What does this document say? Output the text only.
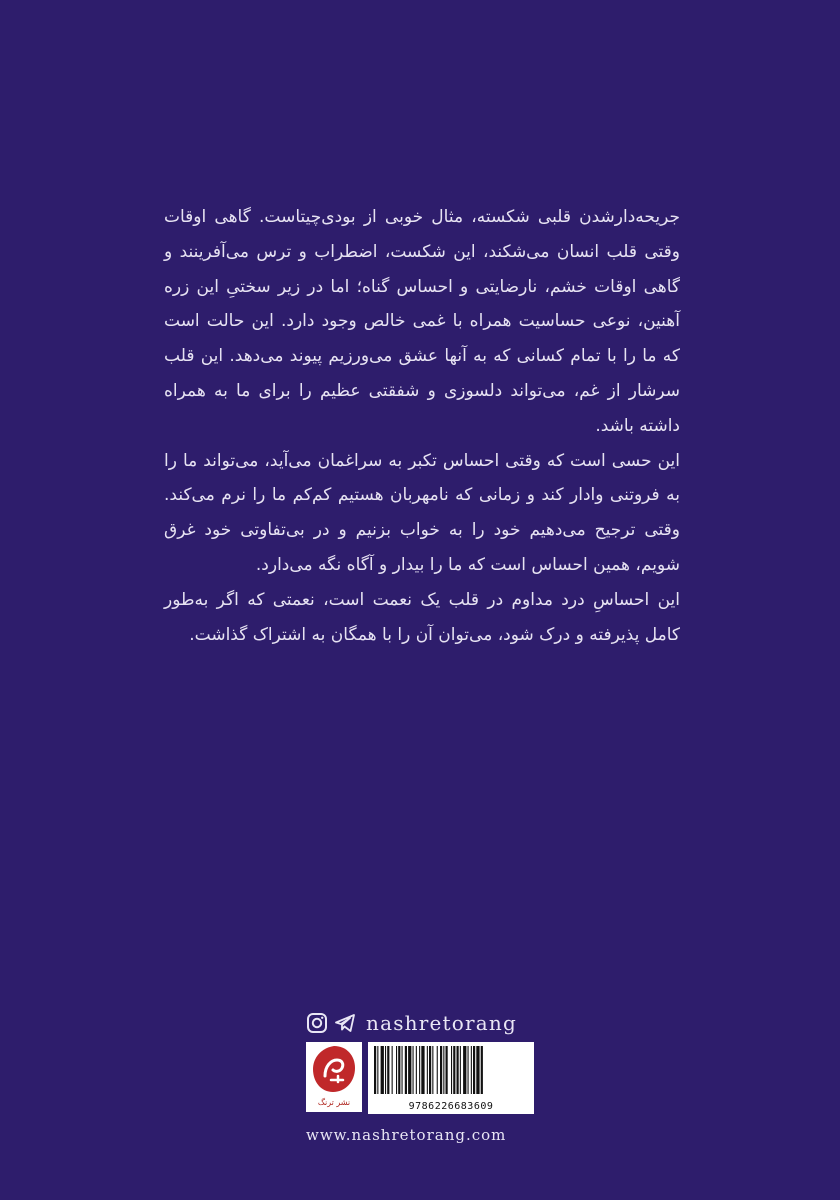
جریحه‌دارشدن قلبی شکسته، مثال خوبی از بودی‌چیتاست. گاهی اوقات وقتی قلب انسان می‌شکند، این شکست، اضطراب و ترس می‌آفرینند و گاهی اوقات خشم، نارضایتی و احساس گناه؛ اما در زیر سختیِ این زره آهنین، نوعی حساسیت همراه با غمی خالص وجود دارد. این حالت است که ما را با تمام کسانی که به آنها عشق می‌ورزیم پیوند می‌دهد. این قلب سرشار از غم، می‌تواند دلسوزی و شفقتی عظیم را برای ما به همراه داشته باشد.

این حسی است که وقتی احساس تکبر به سراغمان می‌آید، می‌تواند ما را به فروتنی وادار کند و زمانی که نامهربان هستیم کم‌کم ما را نرم می‌کند. وقتی ترجیح می‌دهیم خود را به خواب بزنیم و در بی‌تفاوتی خود غرق شویم، همین احساس است که ما را بیدار و آگاه نگه می‌دارد.

این احساسِ درد مداوم در قلب یک نعمت است، نعمتی که اگر به‌طور کامل پذیرفته و درک شود، می‌توان آن را با همگان به اشتراک گذاشت.

nashretorang
نشر ترنگ	9786226683609
www.nashretorang.com
